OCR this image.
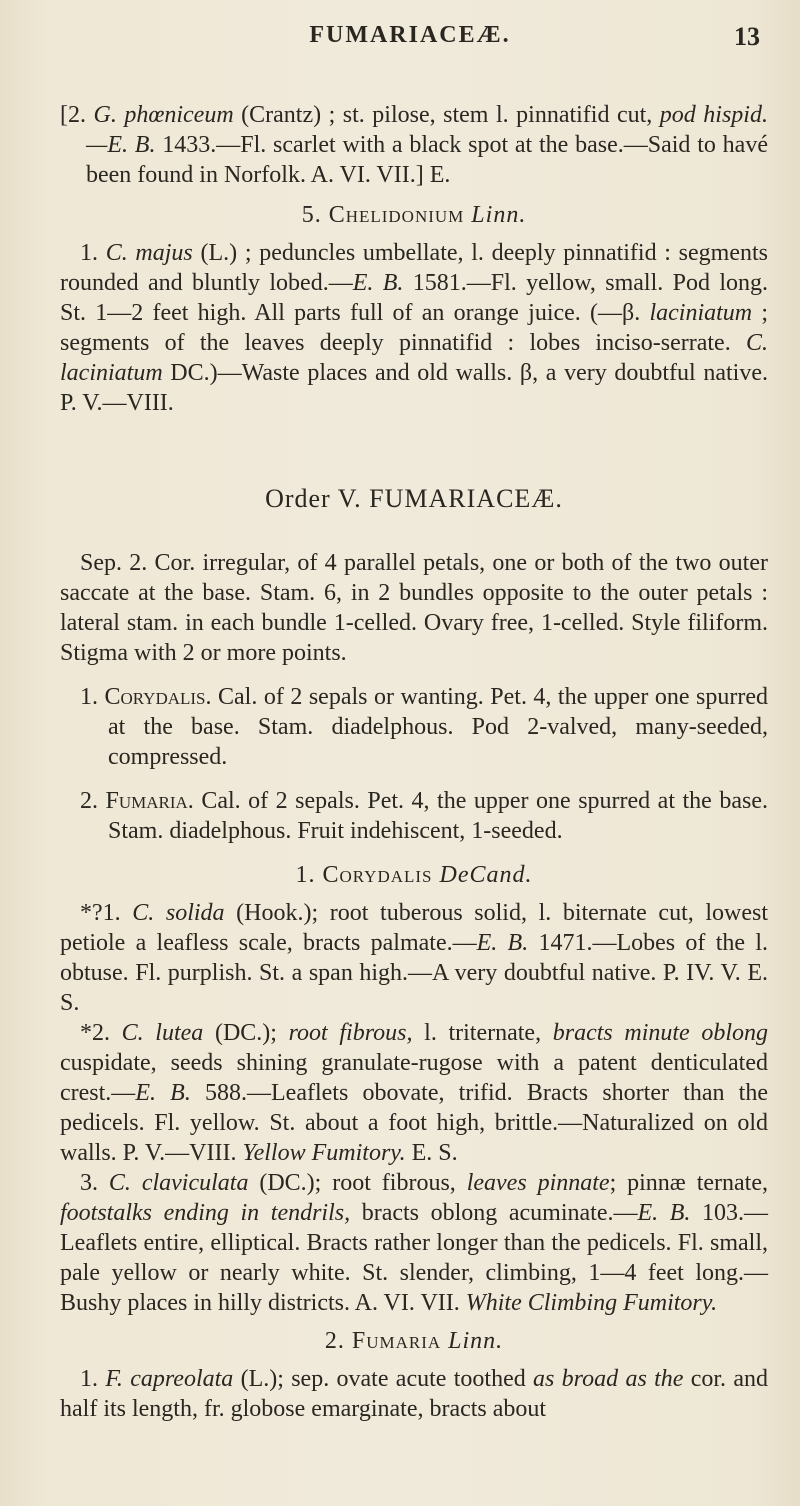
FUMARIACEÆ.	13

[2. G. phœniceum (Crantz) ; st. pilose, stem l. pinnatifid cut, pod hispid.—E. B. 1433.—Fl. scarlet with a black spot at the base.—Said to havé been found in Norfolk. A. VI. VII.] E.

5. Chelidonium Linn.

1. C. majus (L.) ; peduncles umbellate, l. deeply pinnatifid : segments rounded and bluntly lobed.—E. B. 1581.—Fl. yellow, small. Pod long. St. 1—2 feet high. All parts full of an orange juice. (—β. laciniatum ; segments of the leaves deeply pinnatifid : lobes inciso-serrate. C. laciniatum DC.)—Waste places and old walls. β, a very doubtful native. P. V.—VIII.

Order V. FUMARIACEÆ.

Sep. 2. Cor. irregular, of 4 parallel petals, one or both of the two outer saccate at the base. Stam. 6, in 2 bundles opposite to the outer petals : lateral stam. in each bundle 1-celled. Ovary free, 1-celled. Style filiform. Stigma with 2 or more points.

1. Corydalis. Cal. of 2 sepals or wanting. Pet. 4, the upper one spurred at the base. Stam. diadelphous. Pod 2-valved, many-seeded, compressed.

2. Fumaria. Cal. of 2 sepals. Pet. 4, the upper one spurred at the base. Stam. diadelphous. Fruit indehiscent, 1-seeded.

1. Corydalis DeCand.

*?1. C. solida (Hook.); root tuberous solid, l. biternate cut, lowest petiole a leafless scale, bracts palmate.—E. B. 1471.—Lobes of the l. obtuse. Fl. purplish. St. a span high.—A very doubtful native. P. IV. V. E. S.

*2. C. lutea (DC.); root fibrous, l. triternate, bracts minute oblong cuspidate, seeds shining granulate-rugose with a patent denticulated crest.—E. B. 588.—Leaflets obovate, trifid. Bracts shorter than the pedicels. Fl. yellow. St. about a foot high, brittle.—Naturalized on old walls. P. V.—VIII. Yellow Fumitory. E. S.

3. C. claviculata (DC.); root fibrous, leaves pinnate; pinnæ ternate, footstalks ending in tendrils, bracts oblong acuminate.—E. B. 103.—Leaflets entire, elliptical. Bracts rather longer than the pedicels. Fl. small, pale yellow or nearly white. St. slender, climbing, 1—4 feet long.—Bushy places in hilly districts. A. VI. VII. White Climbing Fumitory.

2. Fumaria Linn.

1. F. capreolata (L.); sep. ovate acute toothed as broad as the cor. and half its length, fr. globose emarginate, bracts about
